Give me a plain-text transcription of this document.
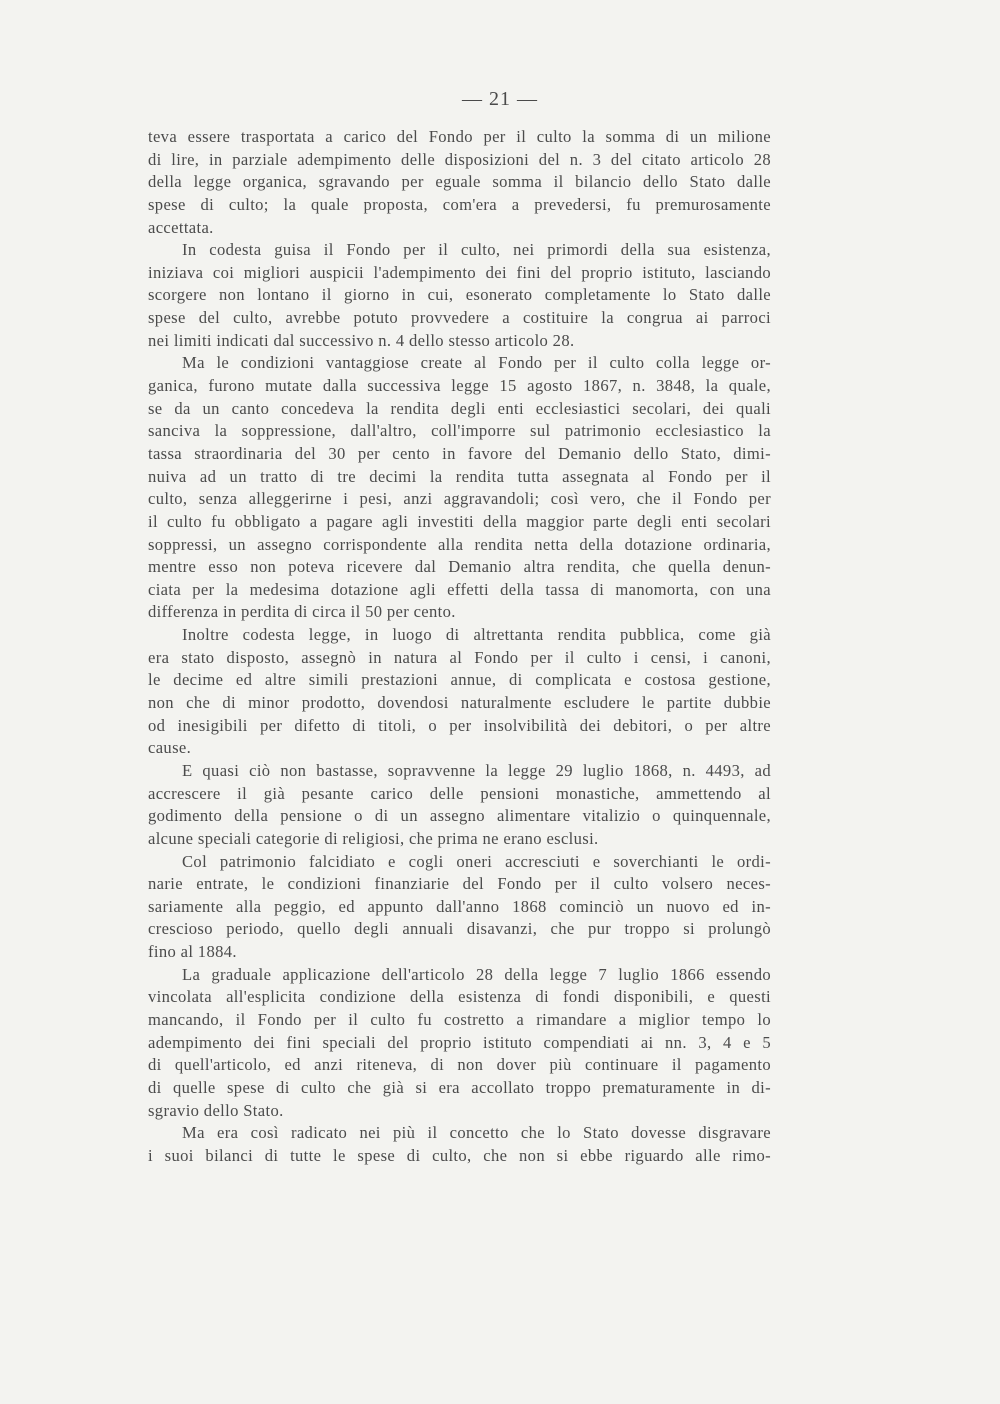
— 21 —
teva essere trasportata a carico del Fondo per il culto la somma di un milione
di lire, in parziale adempimento delle disposizioni del n. 3 del citato articolo 28
della legge organica, sgravando per eguale somma il bilancio dello Stato dalle
spese di culto; la quale proposta, com'era a prevedersi, fu premurosamente
accettata.
In codesta guisa il Fondo per il culto, nei primordi della sua esistenza,
iniziava coi migliori auspicii l'adempimento dei fini del proprio istituto, lasciando
scorgere non lontano il giorno in cui, esonerato completamente lo Stato dalle
spese del culto, avrebbe potuto provvedere a costituire la congrua ai parroci
nei limiti indicati dal successivo n. 4 dello stesso articolo 28.
Ma le condizioni vantaggiose create al Fondo per il culto colla legge or-
ganica, furono mutate dalla successiva legge 15 agosto 1867, n. 3848, la quale,
se da un canto concedeva la rendita degli enti ecclesiastici secolari, dei quali
sanciva la soppressione, dall'altro, coll'imporre sul patrimonio ecclesiastico la
tassa straordinaria del 30 per cento in favore del Demanio dello Stato, dimi-
nuiva ad un tratto di tre decimi la rendita tutta assegnata al Fondo per il
culto, senza alleggerirne i pesi, anzi aggravandoli; così vero, che il Fondo per
il culto fu obbligato a pagare agli investiti della maggior parte degli enti secolari
soppressi, un assegno corrispondente alla rendita netta della dotazione ordinaria,
mentre esso non poteva ricevere dal Demanio altra rendita, che quella denun-
ciata per la medesima dotazione agli effetti della tassa di manomorta, con una
differenza in perdita di circa il 50 per cento.
Inoltre codesta legge, in luogo di altrettanta rendita pubblica, come già
era stato disposto, assegnò in natura al Fondo per il culto i censi, i canoni,
le decime ed altre simili prestazioni annue, di complicata e costosa gestione,
non che di minor prodotto, dovendosi naturalmente escludere le partite dubbie
od inesigibili per difetto di titoli, o per insolvibilità dei debitori, o per altre
cause.
E quasi ciò non bastasse, sopravvenne la legge 29 luglio 1868, n. 4493, ad
accrescere il già pesante carico delle pensioni monastiche, ammettendo al
godimento della pensione o di un assegno alimentare vitalizio o quinquennale,
alcune speciali categorie di religiosi, che prima ne erano esclusi.
Col patrimonio falcidiato e cogli oneri accresciuti e soverchianti le ordi-
narie entrate, le condizioni finanziarie del Fondo per il culto volsero neces-
sariamente alla peggio, ed appunto dall'anno 1868 cominciò un nuovo ed in-
crescioso periodo, quello degli annuali disavanzi, che pur troppo si prolungò
fino al 1884.
La graduale applicazione dell'articolo 28 della legge 7 luglio 1866 essendo
vincolata all'esplicita condizione della esistenza di fondi disponibili, e questi
mancando, il Fondo per il culto fu costretto a rimandare a miglior tempo lo
adempimento dei fini speciali del proprio istituto compendiati ai nn. 3, 4 e 5
di quell'articolo, ed anzi riteneva, di non dover più continuare il pagamento
di quelle spese di culto che già si era accollato troppo prematuramente in di-
sgravio dello Stato.
Ma era così radicato nei più il concetto che lo Stato dovesse disgravare
i suoi bilanci di tutte le spese di culto, che non si ebbe riguardo alle rimo-
